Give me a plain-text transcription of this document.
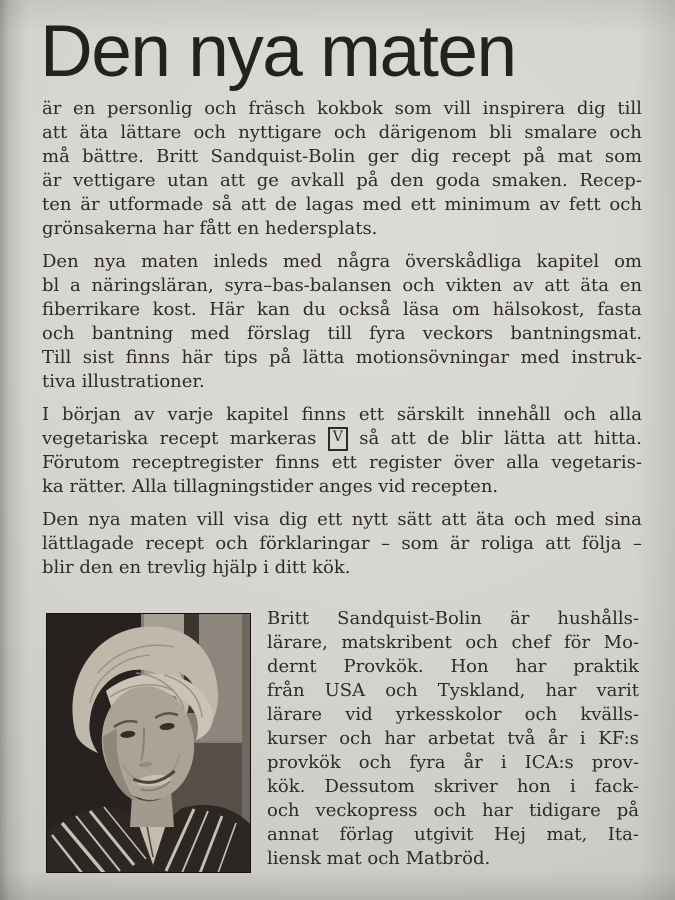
Den nya maten
är en personlig och fräsch kokbok som vill inspirera dig till
att äta lättare och nyttigare och därigenom bli smalare och
må bättre. Britt Sandquist-Bolin ger dig recept på mat som
är vettigare utan att ge avkall på den goda smaken. Recep-
ten är utformade så att de lagas med ett minimum av fett och
grönsakerna har fått en hedersplats.
Den nya maten inleds med några överskådliga kapitel om
bl a näringsläran, syra–bas-balansen och vikten av att äta en
fiberrikare kost. Här kan du också läsa om hälsokost, fasta
och bantning med förslag till fyra veckors bantningsmat.
Till sist finns här tips på lätta motionsövningar med instruk-
tiva illustrationer.
I början av varje kapitel finns ett särskilt innehåll och alla
vegetariska recept markeras	V så att de blir lätta att hitta.
Förutom receptregister finns ett register över alla vegetaris-
ka rätter. Alla tillagningstider anges vid recepten.
Den nya maten vill visa dig ett nytt sätt att äta och med sina
lättlagade recept och förklaringar – som är roliga att följa –
blir den en trevlig hjälp i ditt kök.
Britt Sandquist-Bolin är hushålls-
lärare, matskribent och chef för Mo-
dernt Provkök. Hon har praktik
från USA och Tyskland, har varit
lärare vid yrkesskolor och kvälls-
kurser och har arbetat två år i KF:s
provkök och fyra år i ICA:s prov-
kök. Dessutom skriver hon i fack-
och veckopress och har tidigare på
annat förlag utgivit Hej mat, Ita-
liensk mat och Matbröd.
